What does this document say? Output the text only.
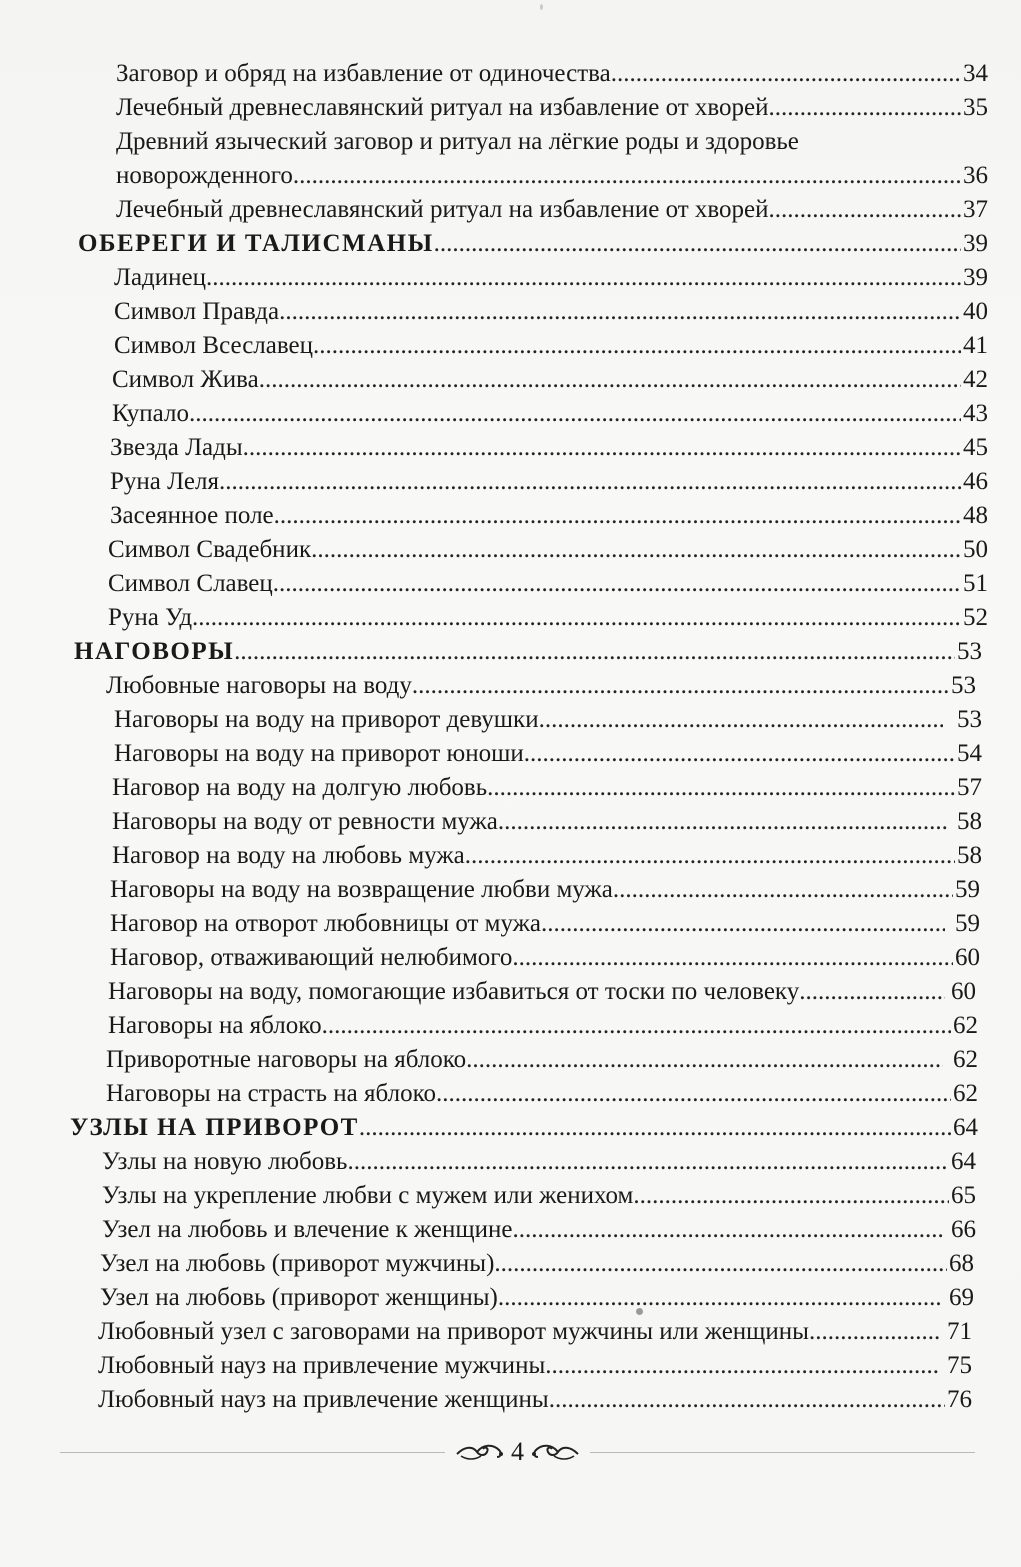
Заговор и обряд на избавление от одиночества .....	34
Лечебный древнеславянский ритуал на избавление от хворей .....	35
Древний языческий заговор и ритуал на лёгкие роды и здоровье
новорожденного .....	36
Лечебный древнеславянский ритуал на избавление от хворей .....	37
ОБЕРЕГИ И ТАЛИСМАНЫ .....	39
Ладинец .....	39
Символ Правда .....	40
Символ Всеславец .....	41
Символ Жива .....	42
Купало .....	43
Звезда Лады .....	45
Руна Леля .....	46
Засеянное поле .....	48
Символ Свадебник .....	50
Символ Славец .....	51
Руна Уд .....	52
НАГОВОРЫ .....	53
Любовные наговоры на воду .....	53
Наговоры на воду на приворот девушки .....	53
Наговоры на воду на приворот юноши .....	54
Наговор на воду на долгую любовь .....	57
Наговоры на воду от ревности мужа .....	58
Наговор на воду на любовь мужа .....	58
Наговоры на воду на возвращение любви мужа .....	59
Наговор на отворот любовницы от мужа .....	59
Наговор, отваживающий нелюбимого .....	60
Наговоры на воду, помогающие избавиться от тоски по человеку .....	60
Наговоры на яблоко .....	62
Приворотные наговоры на яблоко .....	62
Наговоры на страсть на яблоко .....	62
УЗЛЫ НА ПРИВОРОТ .....	64
Узлы на новую любовь .....	64
Узлы на укрепление любви с мужем или женихом .....	65
Узел на любовь и влечение к женщине .....	66
Узел на любовь (приворот мужчины) .....	68
Узел на любовь (приворот женщины) .....	69
Любовный узел с заговорами на приворот мужчины или женщины .....	71
Любовный науз на привлечение мужчины .....	75
Любовный науз на привлечение женщины .....	76
4
